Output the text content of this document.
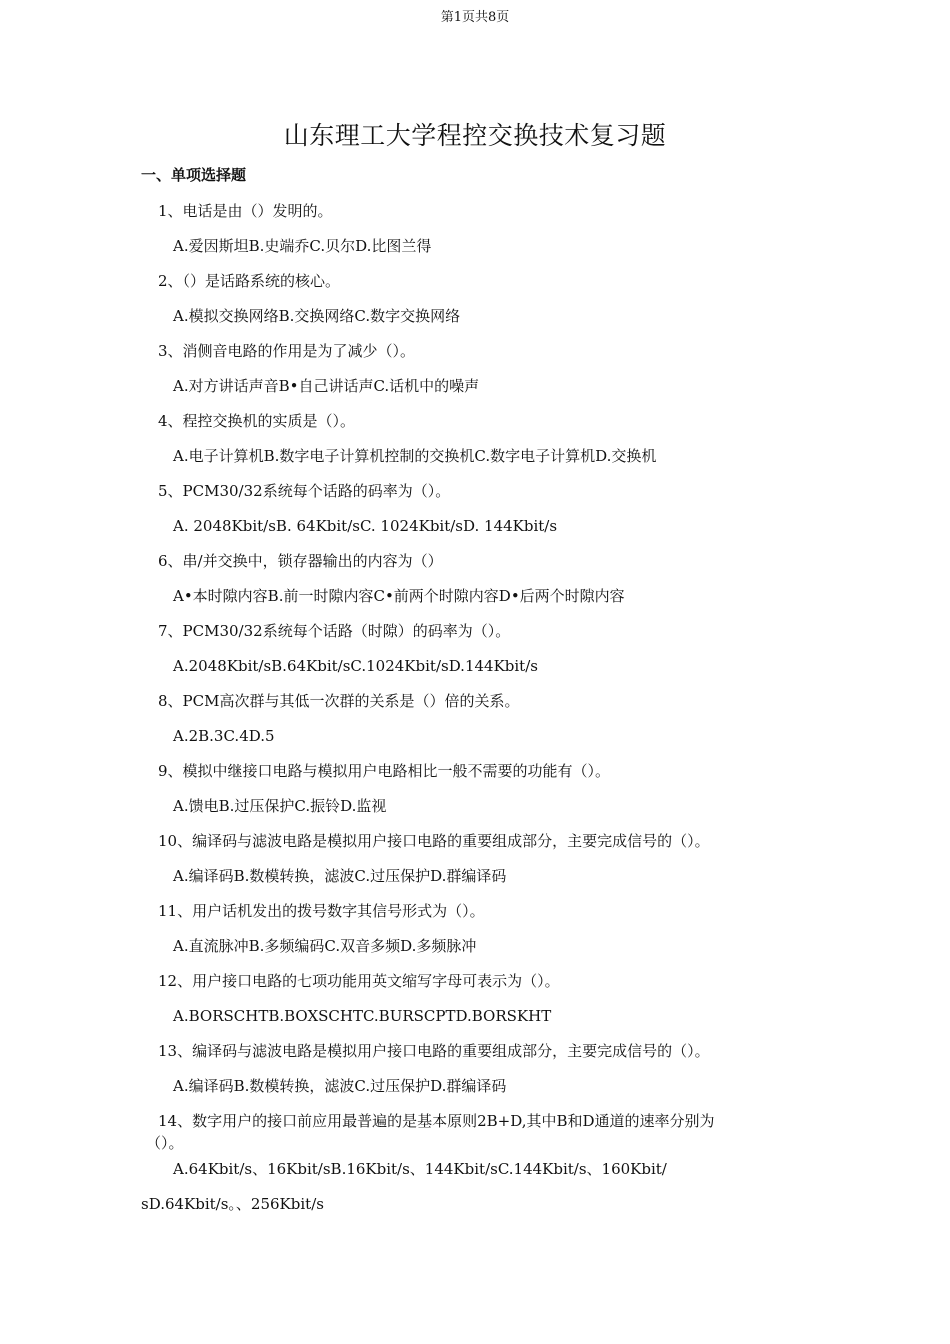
第1页共8页
山东理工大学程控交换技术复习题
一、单项选择题
1、电话是由（）发明的。
A.爱因斯坦B.史端乔C.贝尔D.比图兰得
2、（）是话路系统的核心。
A.模拟交换网络B.交换网络C.数字交换网络
3、消侧音电路的作用是为了减少（）。
A.对方讲话声音B•自己讲话声C.话机中的噪声
4、程控交换机的实质是（）。
A.电子计算机B.数字电子计算机控制的交换机C.数字电子计算机D.交换机
5、PCM30/32系统每个话路的码率为（）。
A. 2048Kbit/sB. 64Kbit/sC. 1024Kbit/sD. 144Kbit/s
6、串/并交换中，锁存器输出的内容为（）
A•本时隙内容B.前一时隙内容C•前两个时隙内容D•后两个时隙内容
7、PCM30/32系统每个话路（时隙）的码率为（）。
A.2048Kbit/sB.64Kbit/sC.1024Kbit/sD.144Kbit/s
8、PCM高次群与其低一次群的关系是（）倍的关系。
A.2B.3C.4D.5
9、模拟中继接口电路与模拟用户电路相比一般不需要的功能有（）。
A.馈电B.过压保护C.振铃D.监视
10、编译码与滤波电路是模拟用户接口电路的重要组成部分，主要完成信号的（）。
A.编译码B.数模转换，滤波C.过压保护D.群编译码
11、用户话机发出的拨号数字其信号形式为（）。
A.直流脉冲B.多频编码C.双音多频D.多频脉冲
12、用户接口电路的七项功能用英文缩写字母可表示为（）。
A.BORSCHTB.BOXSCHTC.BURSCPTD.BORSKHT
13、编译码与滤波电路是模拟用户接口电路的重要组成部分，主要完成信号的（）。
A.编译码B.数模转换，滤波C.过压保护D.群编译码
14、数字用户的接口前应用最普遍的是基本原则2B+D,其中B和D通道的速率分别为
（）。
A.64Kbit/s、16Kbit/sB.16Kbit/s、144Kbit/sC.144Kbit/s、160Kbit/
sD.64Kbit/s。、256Kbit/s
